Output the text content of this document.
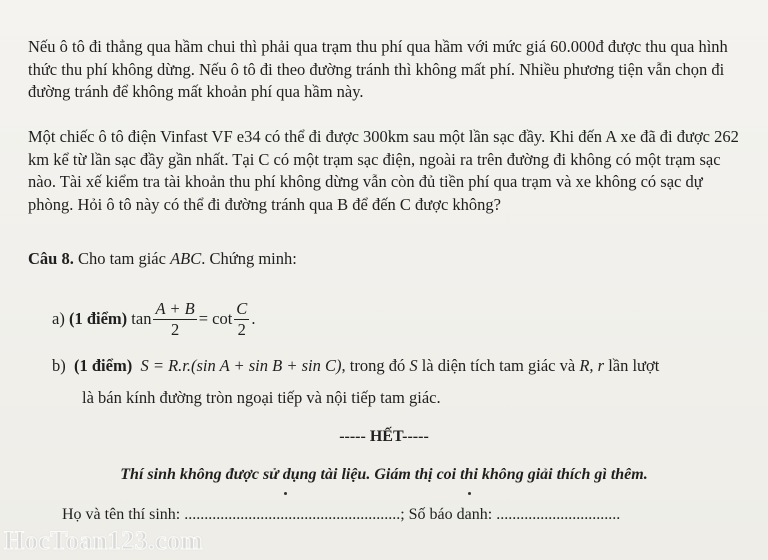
Nếu ô tô đi thẳng qua hầm chui thì phải qua trạm thu phí qua hầm với mức giá 60.000đ được thu qua hình thức thu phí không dừng. Nếu ô tô đi theo đường tránh thì không mất phí. Nhiều phương tiện vẫn chọn đi đường tránh để không mất khoản phí qua hầm này.
Một chiếc ô tô điện Vinfast VF e34 có thể đi được 300km sau một lần sạc đầy. Khi đến A xe đã đi được 262 km kể từ lần sạc đầy gần nhất. Tại C có một trạm sạc điện, ngoài ra trên đường đi không có một trạm sạc nào. Tài xế kiểm tra tài khoản thu phí không dừng vẫn còn đủ tiền phí qua trạm và xe không có sạc dự phòng. Hỏi ô tô này có thể đi đường tránh qua B để đến C được không?
Câu 8. Cho tam giác ABC. Chứng minh:
a)
(1 điểm)
$\tan \frac{A + B}{2} = \cot \frac{C}{2}$ .
b) (1 điểm) S = R.r.(sin A + sin B + sin C), trong đó S là diện tích tam giác và R, r lần lượt
là bán kính đường tròn ngoại tiếp và nội tiếp tam giác.
----- HẾT-----
Thí sinh không được sử dụng tài liệu. Giám thị coi thi không giải thích gì thêm.
Họ và tên thí sinh: ......................................................; Số báo danh: ...............................
HocToan123.com
